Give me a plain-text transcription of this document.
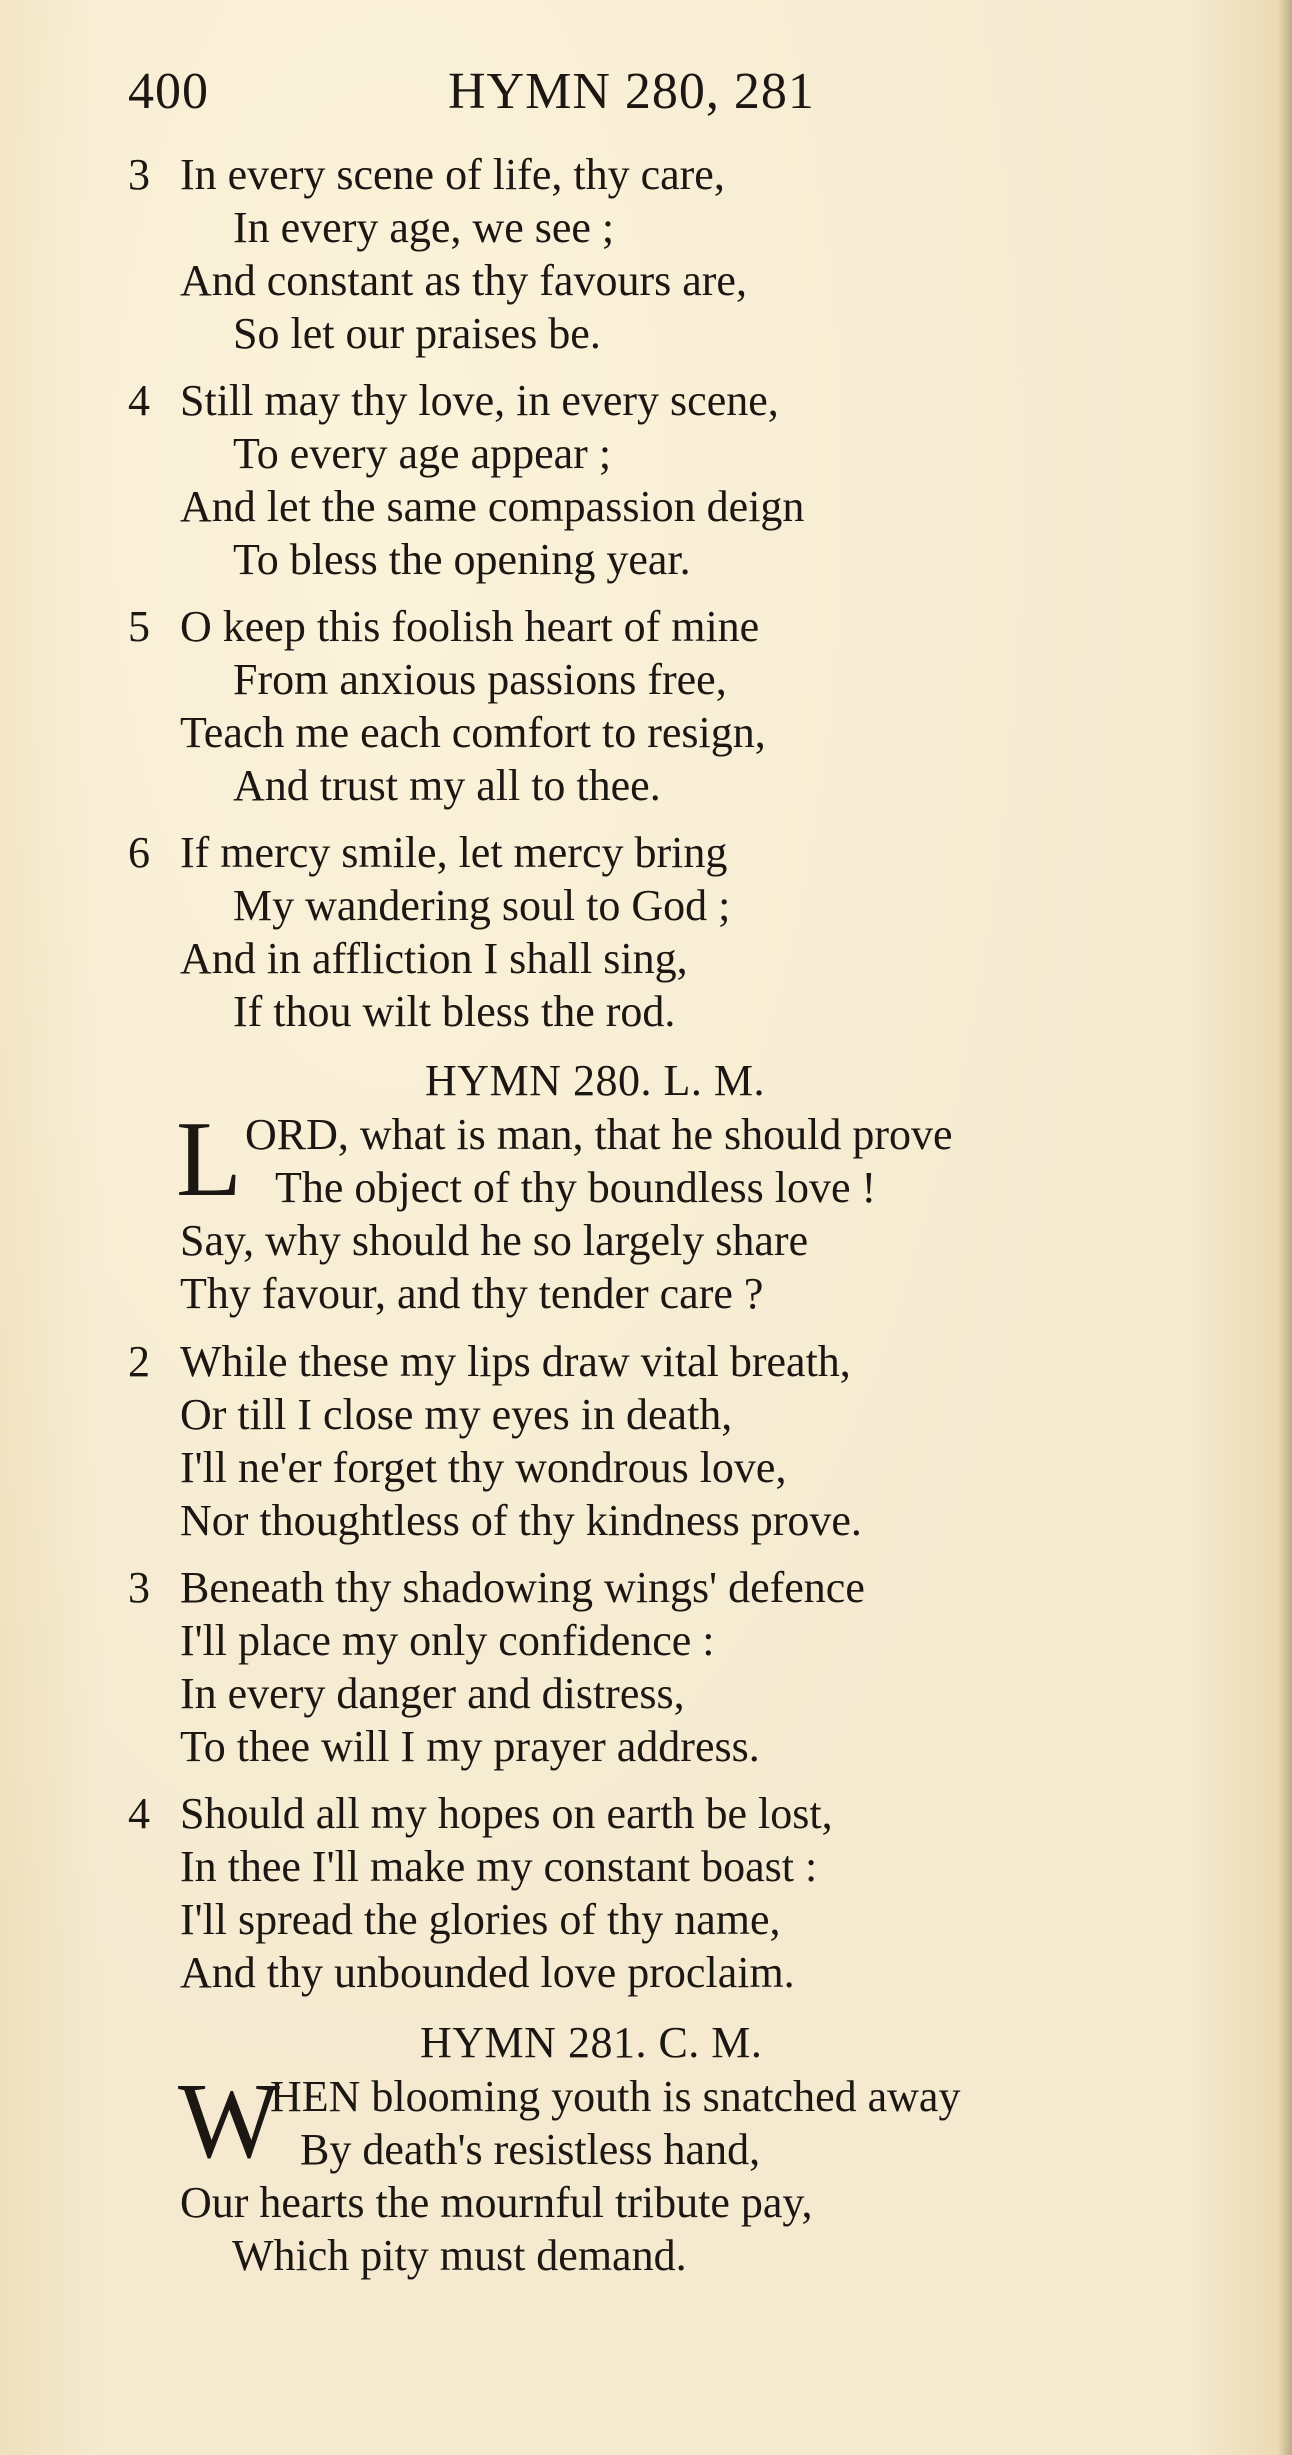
400	HYMN 280, 281
3 In every scene of life, thy care,
In every age, we see ;
And constant as thy favours are,
So let our praises be.
4 Still may thy love, in every scene,
To every age appear ;
And let the same compassion deign
To bless the opening year.
5 O keep this foolish heart of mine
From anxious passions free,
Teach me each comfort to resign,
And trust my all to thee.
6 If mercy smile, let mercy bring
My wandering soul to God ;
And in affliction I shall sing,
If thou wilt bless the rod.
HYMN 280. L. M.
L ORD, what is man, that he should prove
The object of thy boundless love !
Say, why should he so largely share
Thy favour, and thy tender care ?
2 While these my lips draw vital breath,
Or till I close my eyes in death,
I'll ne'er forget thy wondrous love,
Nor thoughtless of thy kindness prove.
3 Beneath thy shadowing wings' defence
I'll place my only confidence :
In every danger and distress,
To thee will I my prayer address.
4 Should all my hopes on earth be lost,
In thee I'll make my constant boast :
I'll spread the glories of thy name,
And thy unbounded love proclaim.
HYMN 281. C. M.
W
HEN blooming youth is snatched away
By death's resistless hand,
Our hearts the mournful tribute pay,
Which pity must demand.
